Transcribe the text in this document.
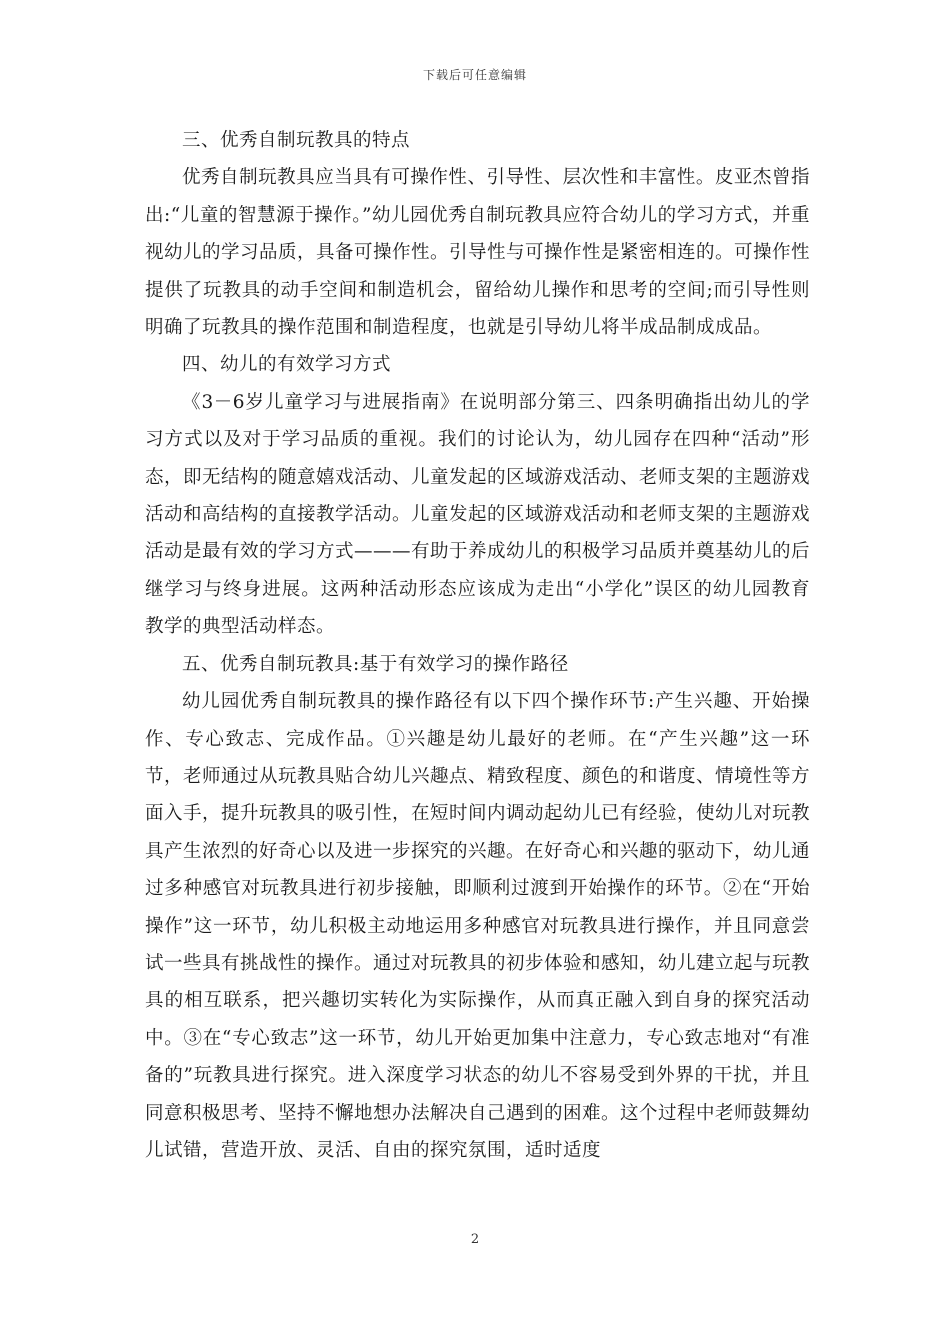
下载后可任意编辑

三、优秀自制玩教具的特点

优秀自制玩教具应当具有可操作性、引导性、层次性和丰富性。皮亚杰曾指出:“儿童的智慧源于操作。”幼儿园优秀自制玩教具应符合幼儿的学习方式，并重视幼儿的学习品质，具备可操作性。引导性与可操作性是紧密相连的。可操作性提供了玩教具的动手空间和制造机会，留给幼儿操作和思考的空间;而引导性则明确了玩教具的操作范围和制造程度，也就是引导幼儿将半成品制成成品。

四、幼儿的有效学习方式

《3－6岁儿童学习与进展指南》在说明部分第三、四条明确指出幼儿的学习方式以及对于学习品质的重视。我们的讨论认为，幼儿园存在四种“活动”形态，即无结构的随意嬉戏活动、儿童发起的区域游戏活动、老师支架的主题游戏活动和高结构的直接教学活动。儿童发起的区域游戏活动和老师支架的主题游戏活动是最有效的学习方式———有助于养成幼儿的积极学习品质并奠基幼儿的后继学习与终身进展。这两种活动形态应该成为走出“小学化”误区的幼儿园教育教学的典型活动样态。

五、优秀自制玩教具:基于有效学习的操作路径

幼儿园优秀自制玩教具的操作路径有以下四个操作环节:产生兴趣、开始操作、专心致志、完成作品。①兴趣是幼儿最好的老师。在“产生兴趣”这一环节，老师通过从玩教具贴合幼儿兴趣点、精致程度、颜色的和谐度、情境性等方面入手，提升玩教具的吸引性，在短时间内调动起幼儿已有经验，使幼儿对玩教具产生浓烈的好奇心以及进一步探究的兴趣。在好奇心和兴趣的驱动下，幼儿通过多种感官对玩教具进行初步接触，即顺利过渡到开始操作的环节。②在“开始操作”这一环节，幼儿积极主动地运用多种感官对玩教具进行操作，并且同意尝试一些具有挑战性的操作。通过对玩教具的初步体验和感知，幼儿建立起与玩教具的相互联系，把兴趣切实转化为实际操作，从而真正融入到自身的探究活动中。③在“专心致志”这一环节，幼儿开始更加集中注意力，专心致志地对“有准备的”玩教具进行探究。进入深度学习状态的幼儿不容易受到外界的干扰，并且同意积极思考、坚持不懈地想办法解决自己遇到的困难。这个过程中老师鼓舞幼儿试错，营造开放、灵活、自由的探究氛围，适时适度

2
